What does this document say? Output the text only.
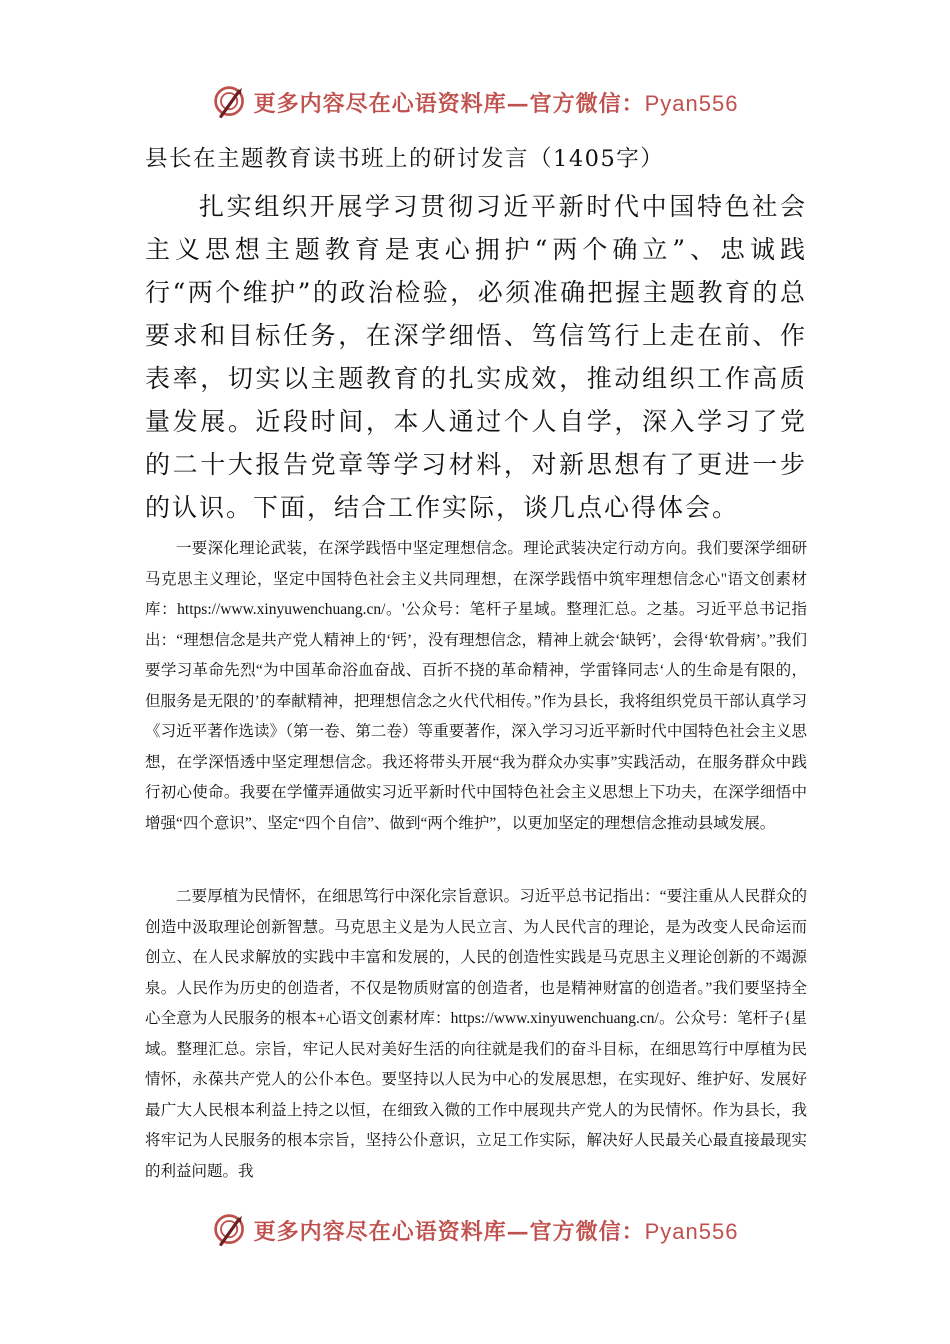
更多内容尽在心语资料库—官方微信：Pyan556
县长在主题教育读书班上的研讨发言（1405字）

扎实组织开展学习贯彻习近平新时代中国特色社会主义思想主题教育是衷心拥护“两个确立”、忠诚践行“两个维护”的政治检验，必须准确把握主题教育的总要求和目标任务，在深学细悟、笃信笃行上走在前、作表率，切实以主题教育的扎实成效，推动组织工作高质量发展。近段时间，本人通过个人自学，深入学习了党的二十大报告党章等学习材料，对新思想有了更进一步的认识。下面，结合工作实际，谈几点心得体会。

一要深化理论武装，在深学践悟中坚定理想信念。理论武装决定行动方向。我们要深学细研马克思主义理论，坚定中国特色社会主义共同理想，在深学践悟中筑牢理想信念心"语文创素材库：https://www.xinyuwenchuang.cn/。'公众号：笔杆子星域。整理汇总。之基。习近平总书记指出：“理想信念是共产党人精神上的‘钙’，没有理想信念，精神上就会‘缺钙’，会得‘软骨病’。”我们要学习革命先烈“为中国革命浴血奋战、百折不挠的革命精神，学雷锋同志‘人的生命是有限的，但服务是无限的’的奉献精神，把理想信念之火代代相传。”作为县长，我将组织党员干部认真学习《习近平著作选读》（第一卷、第二卷）等重要著作，深入学习习近平新时代中国特色社会主义思想，在学深悟透中坚定理想信念。我还将带头开展“我为群众办实事”实践活动，在服务群众中践行初心使命。我要在学懂弄通做实习近平新时代中国特色社会主义思想上下功夫，在深学细悟中增强“四个意识”、坚定“四个自信”、做到“两个维护”，以更加坚定的理想信念推动县域发展。

二要厚植为民情怀，在细思笃行中深化宗旨意识。习近平总书记指出：“要注重从人民群众的创造中汲取理论创新智慧。马克思主义是为人民立言、为人民代言的理论，是为改变人民命运而创立、在人民求解放的实践中丰富和发展的，人民的创造性实践是马克思主义理论创新的不竭源泉。人民作为历史的创造者，不仅是物质财富的创造者，也是精神财富的创造者。”我们要坚持全心全意为人民服务的根本+心语文创素材库：https://www.xinyuwenchuang.cn/。公众号：笔杆子{星域。整理汇总。宗旨，牢记人民对美好生活的向往就是我们的奋斗目标，在细思笃行中厚植为民情怀，永葆共产党人的公仆本色。要坚持以人民为中心的发展思想，在实现好、维护好、发展好最广大人民根本利益上持之以恒，在细致入微的工作中展现共产党人的为民情怀。作为县长，我将牢记为人民服务的根本宗旨，坚持公仆意识，立足工作实际，解决好人民最关心最直接最现实的利益问题。我

更多内容尽在心语资料库—官方微信：Pyan556
